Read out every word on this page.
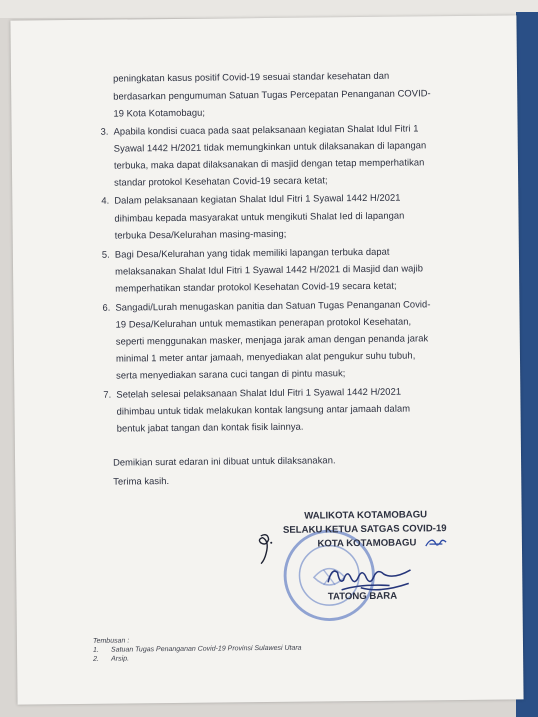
peningkatan kasus positif Covid-19 sesuai standar kesehatan dan
berdasarkan pengumuman Satuan Tugas Percepatan Penanganan COVID-
19 Kota Kotamobagu;
3. Apabila kondisi cuaca pada saat pelaksanaan kegiatan Shalat Idul Fitri 1
Syawal 1442 H/2021 tidak memungkinkan untuk dilaksanakan di lapangan
terbuka, maka dapat dilaksanakan di masjid dengan tetap memperhatikan
standar protokol Kesehatan Covid-19 secara ketat;
4. Dalam pelaksanaan kegiatan Shalat Idul Fitri 1 Syawal 1442 H/2021
dihimbau kepada masyarakat untuk mengikuti Shalat Ied di lapangan
terbuka Desa/Kelurahan masing-masing;
5. Bagi Desa/Kelurahan yang tidak memiliki lapangan terbuka dapat
melaksanakan Shalat Idul Fitri 1 Syawal 1442 H/2021 di Masjid dan wajib
memperhatikan standar protokol Kesehatan Covid-19 secara ketat;
6. Sangadi/Lurah menugaskan panitia dan Satuan Tugas Penanganan Covid-
19 Desa/Kelurahan untuk memastikan penerapan protokol Kesehatan,
seperti menggunakan masker, menjaga jarak aman dengan penanda jarak
minimal 1 meter antar jamaah, menyediakan alat pengukur suhu tubuh,
serta menyediakan sarana cuci tangan di pintu masuk;
7. Setelah selesai pelaksanaan Shalat Idul Fitri 1 Syawal 1442 H/2021
dihimbau untuk tidak melakukan kontak langsung antar jamaah dalam
bentuk jabat tangan dan kontak fisik lainnya.
Demikian surat edaran ini dibuat untuk dilaksanakan.
Terima kasih.
WALIKOTA KOTAMOBAGU
SELAKU KETUA SATGAS COVID-19
KOTA KOTAMOBAGU
TATONG BARA
Tembusan :
1. Satuan Tugas Penanganan Covid-19 Provinsi Sulawesi Utara
2. Arsip.
